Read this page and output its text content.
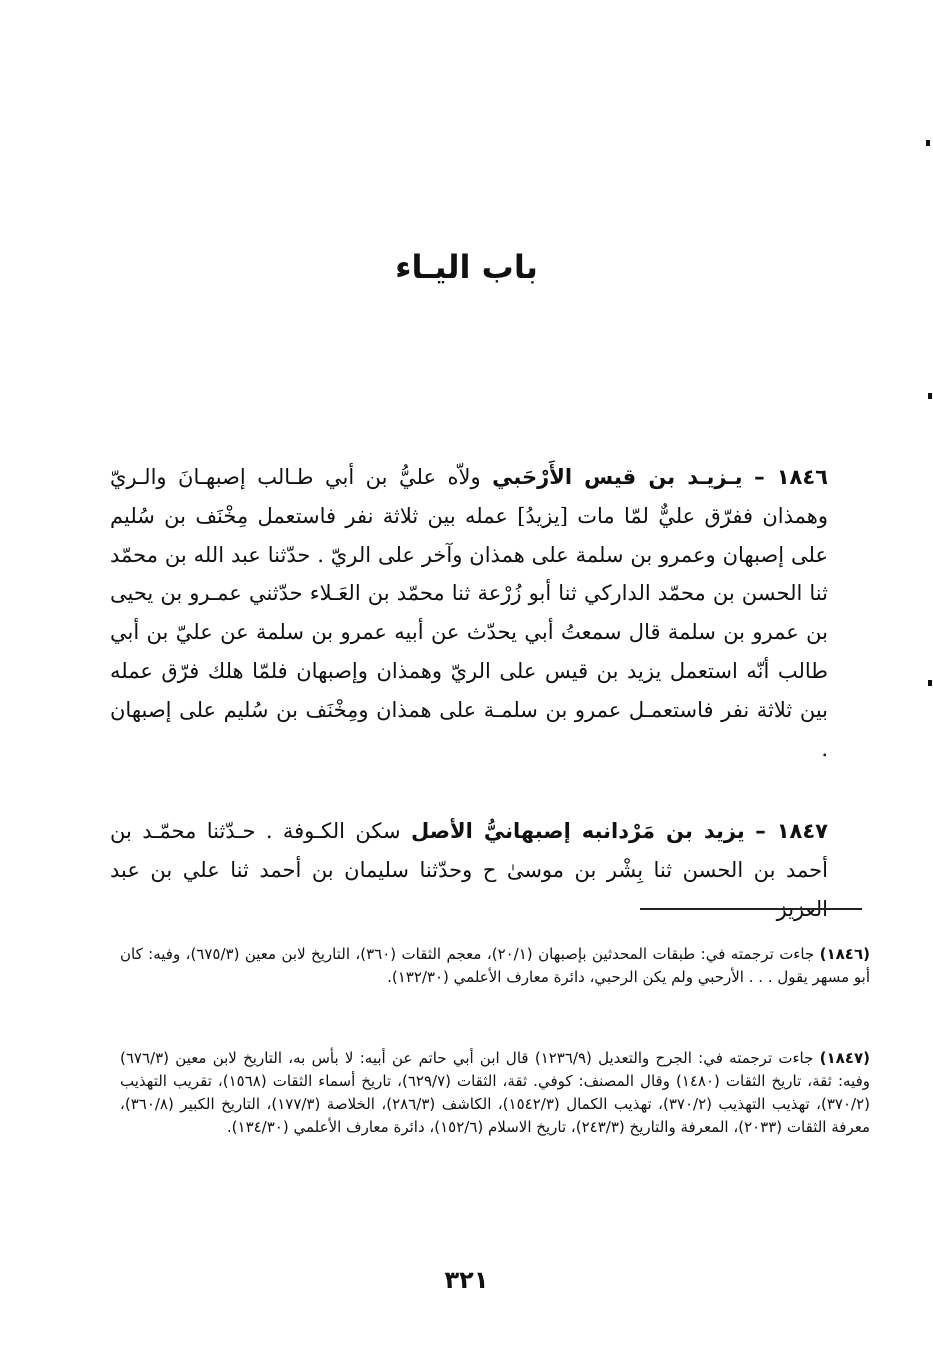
باب اليـاء
١٨٤٦ – يـزيـد بن قيس الأَرْحَبي ولاّه عليُّ بن أبي طـالب إصبهـانَ والـريّ وهمذان ففرّق عليٌّ لمّا مات [يزيدُ] عمله بين ثلاثة نفر فاستعمل مِخْنَف بن سُليم على إصبهان وعمرو بن سلمة على همذان وآخر على الريّ . حدّثنا عبد الله بن محمّد ثنا الحسن بن محمّد الداركي ثنا أبو زُرْعة ثنا محمّد بن العَـلاء حدّثني عمـرو بن يحيى بن عمرو بن سلمة قال سمعتُ أبي يحدّث عن أبيه عمرو بن سلمة عن عليّ بن أبي طالب أنّه استعمل يزيد بن قيس على الريّ وهمذان وإصبهان فلمّا هلك فرّق عمله بين ثلاثة نفر فاستعمـل عمرو بن سلمـة على همذان ومِخْنَف بن سُليم على إصبهان .
١٨٤٧ – يزيد بن مَرْدانبه إصبهانيُّ الأصل سكن الكـوفة . حـدّثنا محمّـد بن أحمد بن الحسن ثنا بِشْر بن موسىٰ ح وحدّثنا سليمان بن أحمد ثنا علي بن عبد العزيز
(١٨٤٦) جاءت ترجمته في: طبقات المحدثين بإصبهان (٢٠/١)، معجم الثقات (٣٦٠)، التاريخ لابن معين (٦٧٥/٣)، وفيه: كان أبو مسهر يقول . . . الأرحبي ولم يكن الرحبي، دائرة معارف الأعلمي (١٣٢/٣٠).
(١٨٤٧) جاءت ترجمته في: الجرح والتعديل (١٢٣٦/٩) قال ابن أبي حاتم عن أبيه: لا بأس به، التاريخ لابن معين (٦٧٦/٣) وفيه: ثقة، تاريخ الثقات (١٤٨٠) وقال المصنف: كوفي. ثقة، الثقات (٦٢٩/٧)، تاريخ أسماء الثقات (١٥٦٨)، تقريب التهذيب (٣٧٠/٢)، تهذيب التهذيب (٣٧٠/٢)، تهذيب الكمال (١٥٤٢/٣)، الكاشف (٢٨٦/٣)، الخلاصة (١٧٧/٣)، التاريخ الكبير (٣٦٠/٨)، معرفة الثقات (٢٠٣٣)، المعرفة والتاريخ (٢٤٣/٣)، تاريخ الاسلام (١٥٢/٦)، دائرة معارف الأعلمي (١٣٤/٣٠).
٣٢١
